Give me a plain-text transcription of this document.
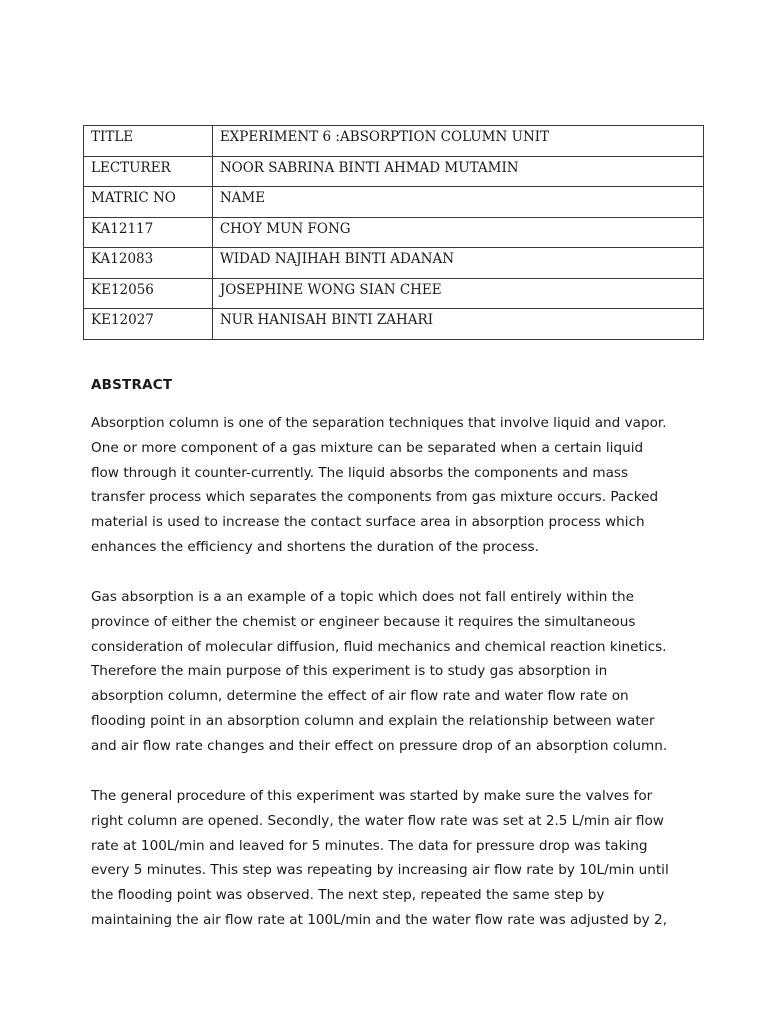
TITLE	EXPERIMENT 6 :ABSORPTION COLUMN UNIT
LECTURER	NOOR SABRINA BINTI AHMAD MUTAMIN
MATRIC NO	NAME
KA12117	CHOY MUN FONG
KA12083	WIDAD NAJIHAH BINTI ADANAN
KE12056	JOSEPHINE WONG SIAN CHEE
KE12027	NUR HANISAH BINTI ZAHARI
ABSTRACT

Absorption column is one of the separation techniques that involve liquid and vapor.
One or more component of a gas mixture can be separated when a certain liquid
flow through it counter-currently. The liquid absorbs the components and mass
transfer process which separates the components from gas mixture occurs. Packed
material is used to increase the contact surface area in absorption process which
enhances the efficiency and shortens the duration of the process.

Gas absorption is a an example of a topic which does not fall entirely within the
province of either the chemist or engineer because it requires the simultaneous
consideration of molecular diffusion, fluid mechanics and chemical reaction kinetics.
Therefore the main purpose of this experiment is to study gas absorption in
absorption column, determine the effect of air flow rate and water flow rate on
flooding point in an absorption column and explain the relationship between water
and air flow rate changes and their effect on pressure drop of an absorption column.

The general procedure of this experiment was started by make sure the valves for
right column are opened. Secondly, the water flow rate was set at 2.5 L/min air flow
rate at 100L/min and leaved for 5 minutes. The data for pressure drop was taking
every 5 minutes. This step was repeating by increasing air flow rate by 10L/min until
the flooding point was observed. The next step, repeated the same step by
maintaining the air flow rate at 100L/min and the water flow rate was adjusted by 2,
